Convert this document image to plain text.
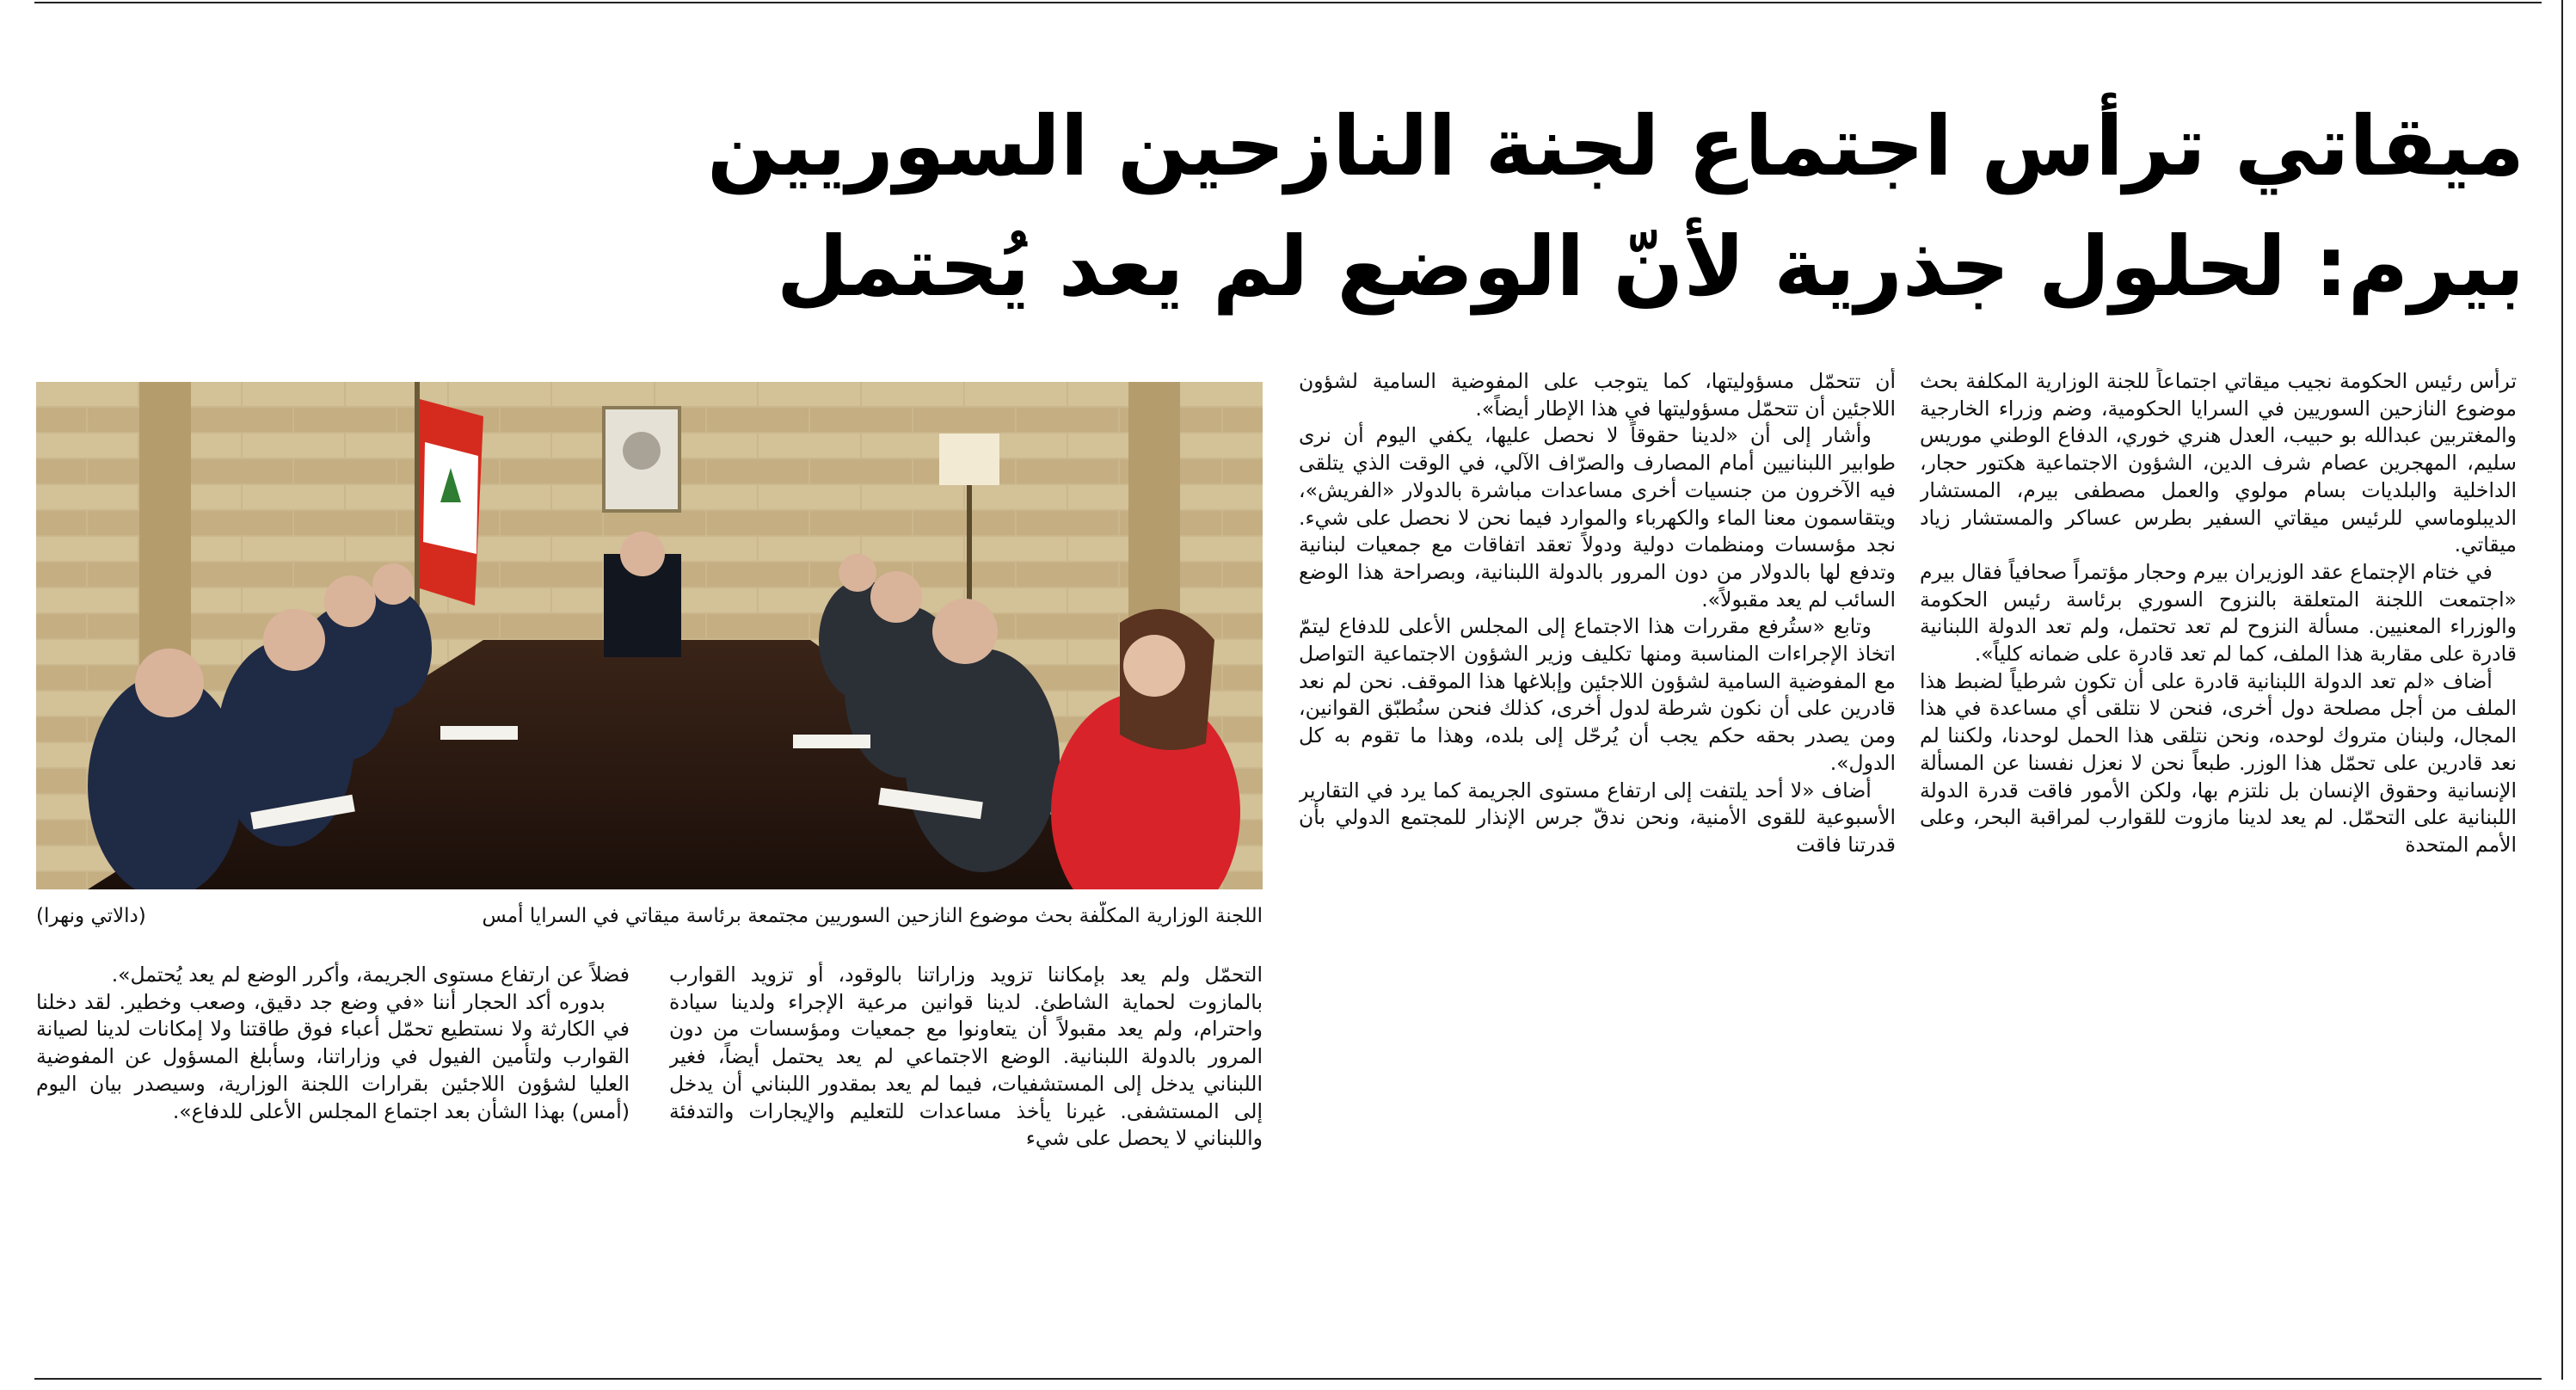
ميقاتي ترأس اجتماع لجنة النازحين السوريين
بيرم: لحلول جذرية لأنّ الوضع لم يعد يُحتمل

ترأس رئيس الحكومة نجيب ميقاتي اجتماعاً للجنة الوزارية المكلفة بحث موضوع النازحين السوريين في السرايا الحكومية، وضم وزراء الخارجية والمغتربين عبدالله بو حبيب، العدل هنري خوري، الدفاع الوطني موريس سليم، المهجرين عصام شرف الدين، الشؤون الاجتماعية هكتور حجار، الداخلية والبلديات بسام مولوي والعمل مصطفى بيرم، المستشار الديبلوماسي للرئيس ميقاتي السفير بطرس عساكر والمستشار زياد ميقاتي.

في ختام الإجتماع عقد الوزيران بيرم وحجار مؤتمراً صحافياً فقال بيرم «اجتمعت اللجنة المتعلقة بالنزوح السوري برئاسة رئيس الحكومة والوزراء المعنيين. مسألة النزوح لم تعد تحتمل، ولم تعد الدولة اللبنانية قادرة على مقاربة هذا الملف، كما لم تعد قادرة على ضمانه كلياً».

أضاف «لم تعد الدولة اللبنانية قادرة على أن تكون شرطياً لضبط هذا الملف من أجل مصلحة دول أخرى، فنحن لا نتلقى أي مساعدة في هذا المجال، ولبنان متروك لوحده، ونحن نتلقى هذا الحمل لوحدنا، ولكننا لم نعد قادرين على تحمّل هذا الوزر. طبعاً نحن لا نعزل نفسنا عن المسألة الإنسانية وحقوق الإنسان بل نلتزم بها، ولكن الأمور فاقت قدرة الدولة اللبنانية على التحمّل. لم يعد لدينا مازوت للقوارب لمراقبة البحر، وعلى الأمم المتحدة

أن تتحمّل مسؤوليتها، كما يتوجب على المفوضية السامية لشؤون اللاجئين أن تتحمّل مسؤوليتها في هذا الإطار أيضاً».

وأشار إلى أن «لدينا حقوقاً لا نحصل عليها، يكفي اليوم أن نرى طوابير اللبنانيين أمام المصارف والصرّاف الآلي، في الوقت الذي يتلقى فيه الآخرون من جنسيات أخرى مساعدات مباشرة بالدولار «الفريش»، ويتقاسمون معنا الماء والكهرباء والموارد فيما نحن لا نحصل على شيء. نجد مؤسسات ومنظمات دولية ودولاً تعقد اتفاقات مع جمعيات لبنانية وتدفع لها بالدولار من دون المرور بالدولة اللبنانية، وبصراحة هذا الوضع السائب لم يعد مقبولاً».

وتابع «ستُرفع مقررات هذا الاجتماع إلى المجلس الأعلى للدفاع ليتمّ اتخاذ الإجراءات المناسبة ومنها تكليف وزير الشؤون الاجتماعية التواصل مع المفوضية السامية لشؤون اللاجئين وإبلاغها هذا الموقف. نحن لم نعد قادرين على أن نكون شرطة لدول أخرى، كذلك فنحن سنُطبّق القوانين، ومن يصدر بحقه حكم يجب أن يُرحّل إلى بلده، وهذا ما تقوم به كل الدول».

أضاف «لا أحد يلتفت إلى ارتفاع مستوى الجريمة كما يرد في التقارير الأسبوعية للقوى الأمنية، ونحن ندقّ جرس الإنذار للمجتمع الدولي بأن قدرتنا فاقت

اللجنة الوزارية المكلّفة بحث موضوع النازحين السوريين مجتمعة برئاسة ميقاتي في السرايا أمس
(دالاتي ونهرا)

التحمّل ولم يعد بإمكاننا تزويد وزاراتنا بالوقود، أو تزويد القوارب بالمازوت لحماية الشاطئ. لدينا قوانين مرعية الإجراء ولدينا سيادة واحترام، ولم يعد مقبولاً أن يتعاونوا مع جمعيات ومؤسسات من دون المرور بالدولة اللبنانية. الوضع الاجتماعي لم يعد يحتمل أيضاً، فغير اللبناني يدخل إلى المستشفيات، فيما لم يعد بمقدور اللبناني أن يدخل إلى المستشفى. غيرنا يأخذ مساعدات للتعليم والإيجارات والتدفئة واللبناني لا يحصل على شيء

فضلاً عن ارتفاع مستوى الجريمة، وأكرر الوضع لم يعد يُحتمل».

بدوره أكد الحجار أننا «في وضع جد دقيق، وصعب وخطير. لقد دخلنا في الكارثة ولا نستطيع تحمّل أعباء فوق طاقتنا ولا إمكانات لدينا لصيانة القوارب ولتأمين الفيول في وزاراتنا، وسأبلغ المسؤول عن المفوضية العليا لشؤون اللاجئين بقرارات اللجنة الوزارية، وسيصدر بيان اليوم (أمس) بهذا الشأن بعد اجتماع المجلس الأعلى للدفاع».
